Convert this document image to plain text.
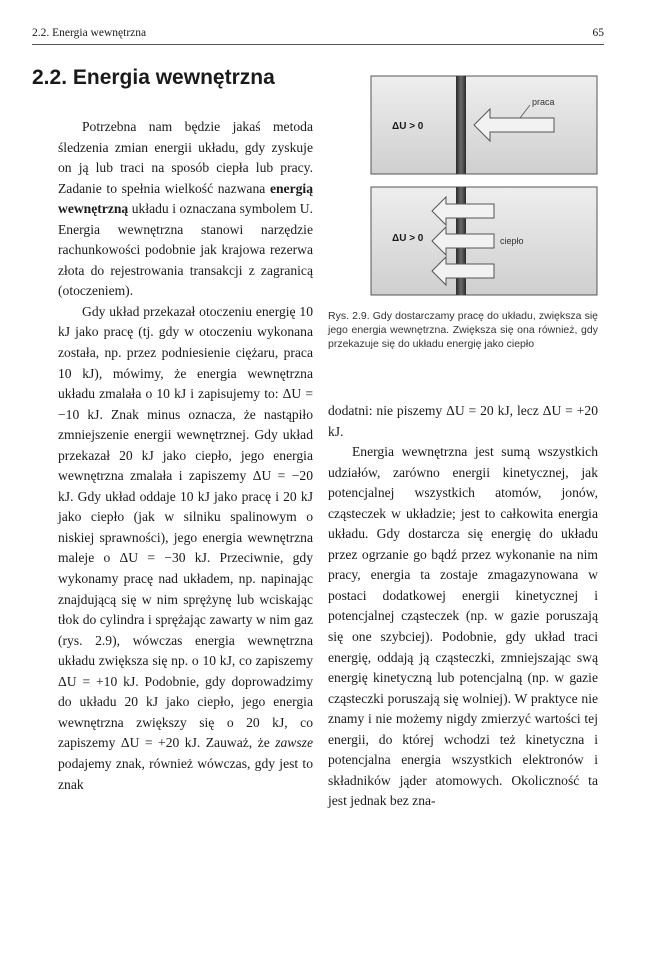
2.2. Energia wewnętrzna	65
2.2. Energia wewnętrzna

Potrzebna nam będzie jakaś metoda śledzenia zmian energii układu, gdy zyskuje on ją lub traci na sposób ciepła lub pracy. Zadanie to spełnia wielkość nazwana energią wewnętrzną układu i oznaczana symbolem U. Energia wewnętrzna stanowi narzędzie rachunkowości podobnie jak krajowa rezerwa złota do rejestrowania transakcji z zagranicą (otoczeniem).

Gdy układ przekazał otoczeniu energię 10 kJ jako pracę (tj. gdy w otoczeniu wykonana została, np. przez podniesienie ciężaru, praca 10 kJ), mówimy, że energia wewnętrzna układu zmalała o 10 kJ i zapisujemy to: ΔU = −10 kJ. Znak minus oznacza, że nastąpiło zmniejszenie energii wewnętrznej. Gdy układ przekazał 20 kJ jako ciepło, jego energia wewnętrzna zmalała i zapiszemy ΔU = −20 kJ. Gdy układ oddaje 10 kJ jako pracę i 20 kJ jako ciepło (jak w silniku spalinowym o niskiej sprawności), jego energia wewnętrzna maleje o ΔU = −30 kJ. Przeciwnie, gdy wykonamy pracę nad układem, np. napinając znajdującą się w nim sprężynę lub wciskając tłok do cylindra i sprężając zawarty w nim gaz (rys. 2.9), wówczas energia wewnętrzna układu zwiększa się np. o 10 kJ, co zapiszemy ΔU = +10 kJ. Podobnie, gdy doprowadzimy do układu 20 kJ jako ciepło, jego energia wewnętrzna zwiększy się o 20 kJ, co zapiszemy ΔU = +20 kJ. Zauważ, że zawsze podajemy znak, również wówczas, gdy jest to znak

praca
ΔU > 0
ciepło
ΔU > 0
Rys. 2.9. Gdy dostarczamy pracę do układu, zwiększa się jego energia wewnętrzna. Zwiększa się ona również, gdy przekazuje się do układu energię jako ciepło

dodatni: nie piszemy ΔU = 20 kJ, lecz ΔU = +20 kJ.

Energia wewnętrzna jest sumą wszystkich udziałów, zarówno energii kinetycznej, jak potencjalnej wszystkich atomów, jonów, cząsteczek w układzie; jest to całkowita energia układu. Gdy dostarcza się energię do układu przez ogrzanie go bądź przez wykonanie na nim pracy, energia ta zostaje zmagazynowana w postaci dodatkowej energii kinetycznej i potencjalnej cząsteczek (np. w gazie poruszają się one szybciej). Podobnie, gdy układ traci energię, oddają ją cząsteczki, zmniejszając swą energię kinetyczną lub potencjalną (np. w gazie cząsteczki poruszają się wolniej). W praktyce nie znamy i nie możemy nigdy zmierzyć wartości tej energii, do której wchodzi też kinetyczna i potencjalna energia wszystkich elektronów i składników jąder atomowych. Okoliczność ta jest jednak bez zna-
